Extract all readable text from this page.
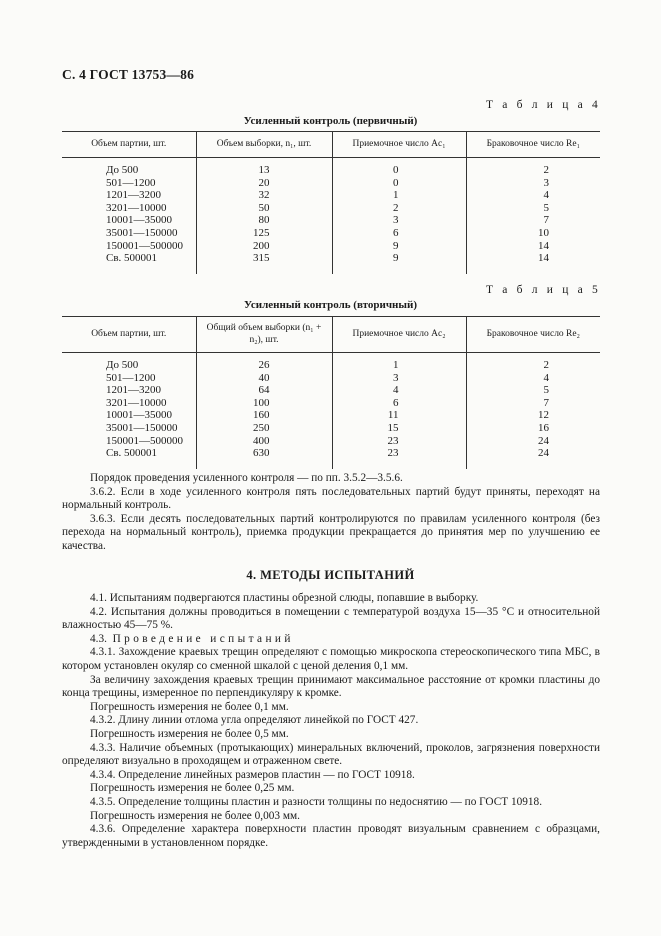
С. 4 ГОСТ 13753—86
Т а б л и ц а 4
Усиленный контроль (первичный)
Объем партии, шт.	Объем выборки, n₁, шт.	Приемочное число Ac₁	Браковочное число Re₁

До 500	13	0	2
501—1200	20	0	3
1201—3200	32	1	4
3201—10000	50	2	5
10001—35000	80	3	7
35001—150000	125	6	10
150001—500000	200	9	14
Св. 500001	315	9	14

Т а б л и ц а 5
Усиленный контроль (вторичный)
Объем партии, шт.	Общий объем выборки (n₁ + n₂), шт.	Приемочное число Ac₂	Браковочное число Re₂

До 500	26	1	2
501—1200	40	3	4
1201—3200	64	4	5
3201—10000	100	6	7
10001—35000	160	11	12
35001—150000	250	15	16
150001—500000	400	23	24
Св. 500001	630	23	24

Порядок проведения усиленного контроля — по пп. 3.5.2—3.5.6.

3.6.2. Если в ходе усиленного контроля пять последовательных партий будут приняты, переходят на нормальный контроль.

3.6.3. Если десять последовательных партий контролируются по правилам усиленного контроля (без перехода на нормальный контроль), приемка продукции прекращается до принятия мер по улучшению ее качества.

4. МЕТОДЫ ИСПЫТАНИЙ

4.1. Испытаниям подвергаются пластины обрезной слюды, попавшие в выборку.

4.2. Испытания должны проводиться в помещении с температурой воздуха 15—35 °С и относительной влажностью 45—75 %.

4.3. Проведение испытаний

4.3.1. Захождение краевых трещин определяют с помощью микроскопа стереоскопического типа МБС, в котором установлен окуляр со сменной шкалой с ценой деления 0,1 мм.

За величину захождения краевых трещин принимают максимальное расстояние от кромки пластины до конца трещины, измеренное по перпендикуляру к кромке.

Погрешность измерения не более 0,1 мм.

4.3.2. Длину линии отлома угла определяют линейкой по ГОСТ 427.

Погрешность измерения не более 0,5 мм.

4.3.3. Наличие объемных (протыкающих) минеральных включений, проколов, загрязнения поверхности определяют визуально в проходящем и отраженном свете.

4.3.4. Определение линейных размеров пластин — по ГОСТ 10918.

Погрешность измерения не более 0,25 мм.

4.3.5. Определение толщины пластин и разности толщины по недоснятию — по ГОСТ 10918.

Погрешность измерения не более 0,003 мм.

4.3.6. Определение характера поверхности пластин проводят визуальным сравнением с образцами, утвержденными в установленном порядке.
